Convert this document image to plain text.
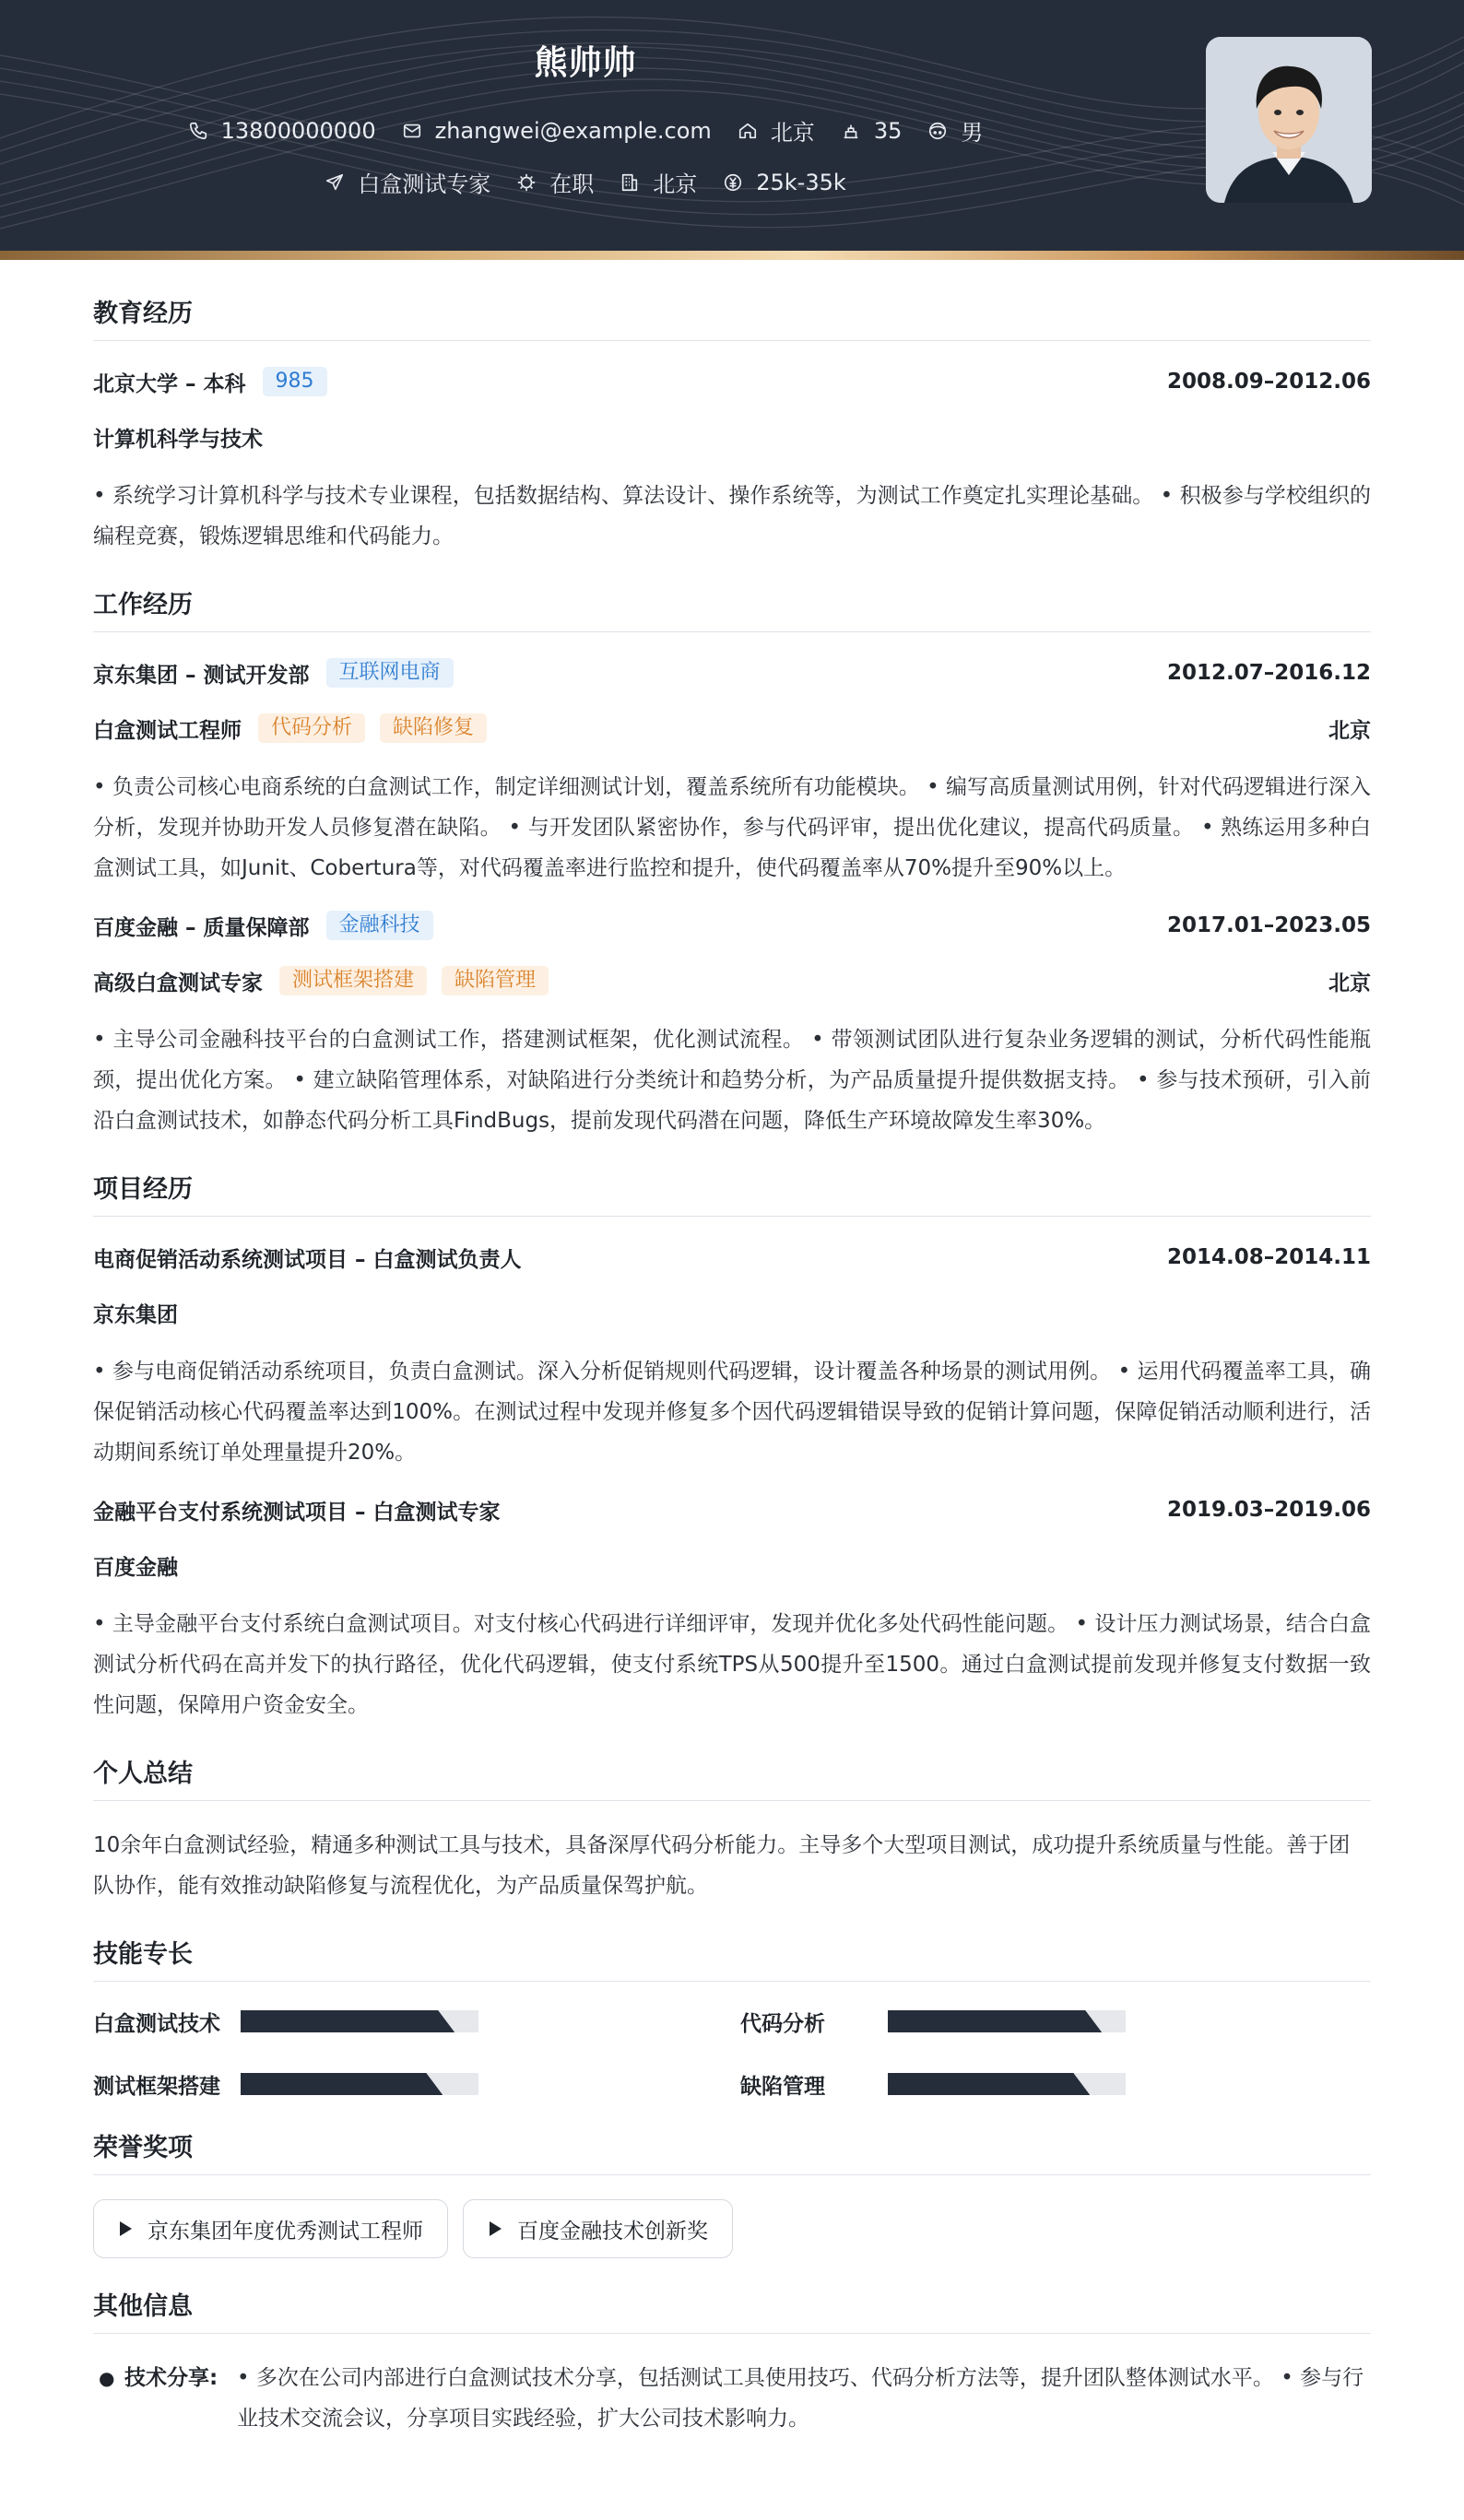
熊帅帅
13800000000	zhangwei@example.com	北京	35	男
白盒测试专家	在职	北京	25k-35k
教育经历
北京大学 – 本科	985	2008.09–2012.06
计算机科学与技术
• 系统学习计算机科学与技术专业课程，包括数据结构、算法设计、操作系统等，为测试工作奠定扎实理论基础。 • 积极参与学校组织的编程竞赛，锻炼逻辑思维和代码能力。
工作经历
京东集团 – 测试开发部	互联网电商	2012.07–2016.12
白盒测试工程师	代码分析	缺陷修复	北京
• 负责公司核心电商系统的白盒测试工作，制定详细测试计划，覆盖系统所有功能模块。 • 编写高质量测试用例，针对代码逻辑进行深入分析，发现并协助开发人员修复潜在缺陷。 • 与开发团队紧密协作，参与代码评审，提出优化建议，提高代码质量。 • 熟练运用多种白盒测试工具，如Junit、Cobertura等，对代码覆盖率进行监控和提升，使代码覆盖率从70%提升至90%以上。
百度金融 – 质量保障部	金融科技	2017.01–2023.05
高级白盒测试专家	测试框架搭建	缺陷管理	北京
• 主导公司金融科技平台的白盒测试工作，搭建测试框架，优化测试流程。 • 带领测试团队进行复杂业务逻辑的测试，分析代码性能瓶颈，提出优化方案。 • 建立缺陷管理体系，对缺陷进行分类统计和趋势分析，为产品质量提升提供数据支持。 • 参与技术预研，引入前沿白盒测试技术，如静态代码分析工具FindBugs，提前发现代码潜在问题，降低生产环境故障发生率30%。
项目经历
电商促销活动系统测试项目 – 白盒测试负责人	2014.08–2014.11
京东集团
• 参与电商促销活动系统项目，负责白盒测试。深入分析促销规则代码逻辑，设计覆盖各种场景的测试用例。 • 运用代码覆盖率工具，确保促销活动核心代码覆盖率达到100%。在测试过程中发现并修复多个因代码逻辑错误导致的促销计算问题，保障促销活动顺利进行，活动期间系统订单处理量提升20%。
金融平台支付系统测试项目 – 白盒测试专家	2019.03–2019.06
百度金融
• 主导金融平台支付系统白盒测试项目。对支付核心代码进行详细评审，发现并优化多处代码性能问题。 • 设计压力测试场景，结合白盒测试分析代码在高并发下的执行路径，优化代码逻辑，使支付系统TPS从500提升至1500。通过白盒测试提前发现并修复支付数据一致性问题，保障用户资金安全。
个人总结
10余年白盒测试经验，精通多种测试工具与技术，具备深厚代码分析能力。主导多个大型项目测试，成功提升系统质量与性能。善于团队协作，能有效推动缺陷修复与流程优化，为产品质量保驾护航。
技能专长
白盒测试技术	代码分析
测试框架搭建	缺陷管理
荣誉奖项
京东集团年度优秀测试工程师	百度金融技术创新奖
其他信息
● 技术分享: • 多次在公司内部进行白盒测试技术分享，包括测试工具使用技巧、代码分析方法等，提升团队整体测试水平。 • 参与行业技术交流会议，分享项目实践经验，扩大公司技术影响力。
